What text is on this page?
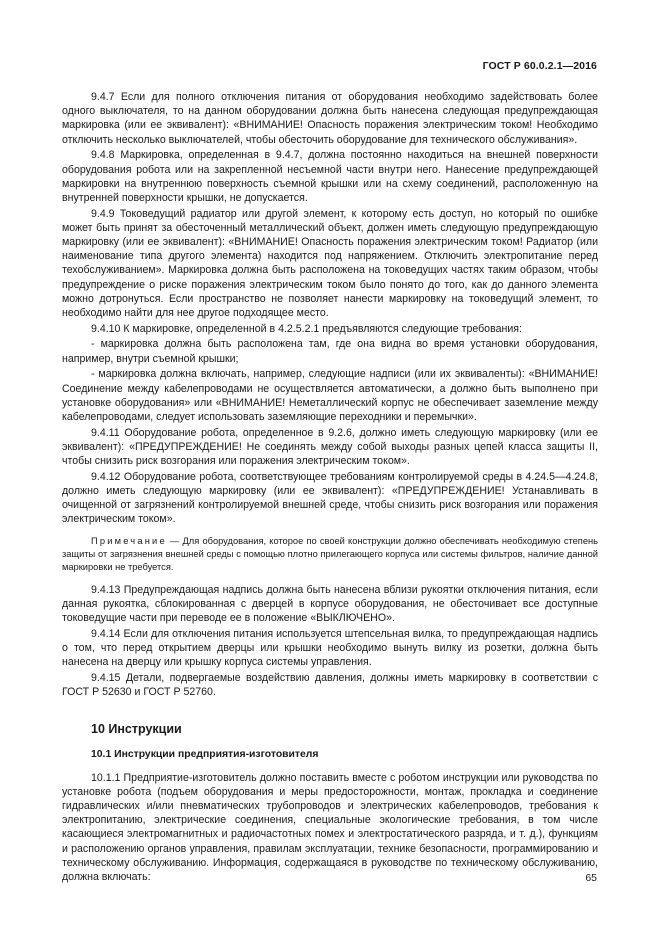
ГОСТ Р 60.0.2.1—2016

9.4.7 Если для полного отключения питания от оборудования необходимо задействовать более одного выключателя, то на данном оборудовании должна быть нанесена следующая предупреждающая маркировка (или ее эквивалент): «ВНИМАНИЕ! Опасность поражения электрическим током! Необходимо отключить несколько выключателей, чтобы обесточить оборудование для технического обслуживания».

9.4.8 Маркировка, определенная в 9.4.7, должна постоянно находиться на внешней поверхности оборудования робота или на закрепленной несъемной части внутри него. Нанесение предупреждающей маркировки на внутреннюю поверхность съемной крышки или на схему соединений, расположенную на внутренней поверхности крышки, не допускается.

9.4.9 Токоведущий радиатор или другой элемент, к которому есть доступ, но который по ошибке может быть принят за обесточенный металлический объект, должен иметь следующую предупреждающую маркировку (или ее эквивалент): «ВНИМАНИЕ! Опасность поражения электрическим током! Радиатор (или наименование типа другого элемента) находится под напряжением. Отключить электропитание перед техобслуживанием». Маркировка должна быть расположена на токоведущих частях таким образом, чтобы предупреждение о риске поражения электрическим током было понято до того, как до данного элемента можно дотронуться. Если пространство не позволяет нанести маркировку на токоведущий элемент, то необходимо найти для нее другое подходящее место.

9.4.10 К маркировке, определенной в 4.2.5.2.1 предъявляются следующие требования:

- маркировка должна быть расположена там, где она видна во время установки оборудования, например, внутри съемной крышки;

- маркировка должна включать, например, следующие надписи (или их эквиваленты): «ВНИМАНИЕ! Соединение между кабелепроводами не осуществляется автоматически, а должно быть выполнено при установке оборудования» или «ВНИМАНИЕ! Неметаллический корпус не обеспечивает заземление между кабелепроводами, следует использовать заземляющие переходники и перемычки».

9.4.11 Оборудование робота, определенное в 9.2.6, должно иметь следующую маркировку (или ее эквивалент): «ПРЕДУПРЕЖДЕНИЕ! Не соединять между собой выходы разных цепей класса защиты II, чтобы снизить риск возгорания или поражения электрическим током».

9.4.12 Оборудование робота, соответствующее требованиям контролируемой среды в 4.24.5—4.24.8, должно иметь следующую маркировку (или ее эквивалент): «ПРЕДУПРЕЖДЕНИЕ! Устанавливать в очищенной от загрязнений контролируемой внешней среде, чтобы снизить риск возгорания или поражения электрическим током».

Примечание — Для оборудования, которое по своей конструкции должно обеспечивать необходимую степень защиты от загрязнения внешней среды с помощью плотно прилегающего корпуса или системы фильтров, наличие данной маркировки не требуется.

9.4.13 Предупреждающая надпись должна быть нанесена вблизи рукоятки отключения питания, если данная рукоятка, сблокированная с дверцей в корпусе оборудования, не обесточивает все доступные токоведущие части при переводе ее в положение «ВЫКЛЮЧЕНО».

9.4.14 Если для отключения питания используется штепсельная вилка, то предупреждающая надпись о том, что перед открытием дверцы или крышки необходимо вынуть вилку из розетки, должна быть нанесена на дверцу или крышку корпуса системы управления.

9.4.15 Детали, подвергаемые воздействию давления, должны иметь маркировку в соответствии с ГОСТ Р 52630 и ГОСТ Р 52760.

10 Инструкции
10.1 Инструкции предприятия-изготовителя

10.1.1 Предприятие-изготовитель должно поставить вместе с роботом инструкции или руководства по установке робота (подъем оборудования и меры предосторожности, монтаж, прокладка и соединение гидравлических и/или пневматических трубопроводов и электрических кабелепроводов, требования к электропитанию, электрические соединения, специальные экологические требования, в том числе касающиеся электромагнитных и радиочастотных помех и электростатического разряда, и т. д.), функциям и расположению органов управления, правилам эксплуатации, технике безопасности, программированию и техническому обслуживанию. Информация, содержащаяся в руководстве по техническому обслуживанию, должна включать:	65
